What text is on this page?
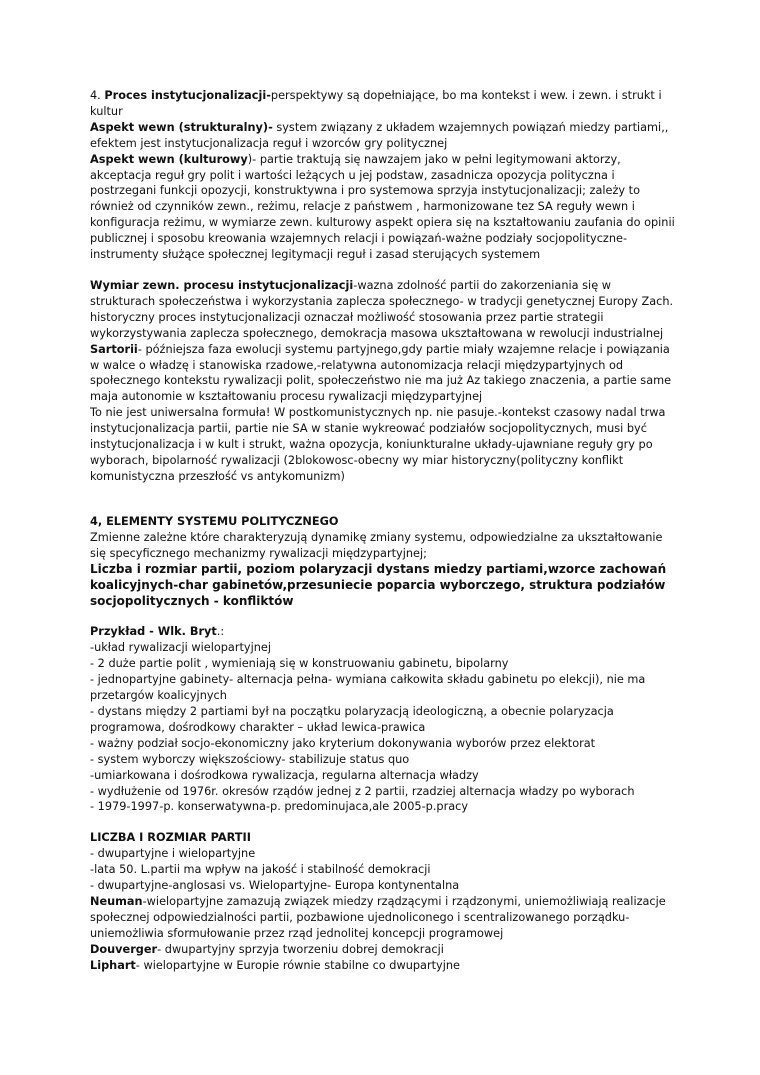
4. Proces instytucjonalizacji-perspektywy są dopełniające, bo ma kontekst i wew. i zewn. i strukt i kultur

Aspekt wewn (strukturalny)- system związany z układem wzajemnych powiązań miedzy partiami,, efektem jest instytucjonalizacja reguł i wzorców gry politycznej

Aspekt wewn (kulturowy)- partie traktują się nawzajem jako w pełni legitymowani aktorzy, akceptacja reguł gry polit i wartości leżących u jej podstaw, zasadnicza opozycja polityczna i postrzegani funkcji opozycji, konstruktywna i pro systemowa sprzyja instytucjonalizacji; zależy to również od czynników zewn., reżimu, relacje z państwem , harmonizowane tez SA reguły wewn i konfiguracja reżimu, w wymiarze zewn. kulturowy aspekt opiera się na kształtowaniu zaufania do opinii publicznej i sposobu kreowania wzajemnych relacji i powiązań-ważne podziały socjopolityczne-instrumenty służące społecznej legitymacji reguł i zasad sterujących systemem

Wymiar zewn. procesu instytucjonalizacji-wazna zdolność partii do zakorzeniania się w strukturach społeczeństwa i wykorzystania zaplecza społecznego- w tradycji genetycznej Europy Zach. historyczny proces instytucjonalizacji oznaczał możliwość stosowania przez partie strategii wykorzystywania zaplecza społecznego, demokracja masowa ukształtowana w rewolucji industrialnej

Sartorii- późniejsza faza ewolucji systemu partyjnego,gdy partie miały wzajemne relacje i powiązania w walce o władzę i stanowiska rzadowe,-relatywna autonomizacja relacji międzypartyjnych od społecznego kontekstu rywalizacji polit, społeczeństwo nie ma już Az takiego znaczenia, a partie same maja autonomie w kształtowaniu procesu rywalizacji międzypartyjnej

To nie jest uniwersalna formuła! W postkomunistycznych np. nie pasuje.-kontekst czasowy nadal trwa instytucjonalizacja partii, partie nie SA w stanie wykreować podziałów socjopolitycznych, musi być instytucjonalizacja i w kult i strukt, ważna opozycja, koniunkturalne układy-ujawniane reguły gry po wyborach, bipolarność rywalizacji (2blokowosc-obecny wy miar historyczny(polityczny konflikt komunistyczna przeszłość vs antykomunizm)

4, ELEMENTY SYSTEMU POLITYCZNEGO

Zmienne zależne które charakteryzują dynamikę zmiany systemu, odpowiedzialne za ukształtowanie się specyficznego mechanizmy rywalizacji międzypartyjnej;

Liczba i rozmiar partii, poziom polaryzacji dystans miedzy partiami,wzorce zachowań koalicyjnych-char gabinetów,przesuniecie poparcia wyborczego, struktura podziałów socjopolitycznych - konfliktów

Przykład - Wlk. Bryt.:

-układ rywalizacji wielopartyjnej

- 2 duże partie polit , wymieniają się w konstruowaniu gabinetu, bipolarny

- jednopartyjne gabinety- alternacja pełna- wymiana całkowita składu gabinetu po elekcji), nie ma przetargów koalicyjnych

- dystans między 2 partiami był na początku polaryzacją ideologiczną, a obecnie polaryzacja programowa, dośrodkowy charakter – układ lewica-prawica

- ważny podział socjo-ekonomiczny jako kryterium dokonywania wyborów przez elektorat

- system wyborczy większościowy- stabilizuje status quo

-umiarkowana i dośrodkowa rywalizacja, regularna alternacja władzy

- wydłużenie od 1976r. okresów rządów jednej z 2 partii, rzadziej alternacja władzy po wyborach

- 1979-1997-p. konserwatywna-p. predominujaca,ale 2005-p.pracy

LICZBA I ROZMIAR PARTII

- dwupartyjne i wielopartyjne

-lata 50. L.partii ma wpływ na jakość i stabilność demokracji

- dwupartyjne-anglosasi vs. Wielopartyjne- Europa kontynentalna

Neuman-wielopartyjne zamazują związek miedzy rządzącymi i rządzonymi, uniemożliwiają realizacje społecznej odpowiedzialności partii, pozbawione ujednoliconego i scentralizowanego porządku- uniemożliwia sformułowanie przez rząd jednolitej koncepcji programowej

Douverger- dwupartyjny sprzyja tworzeniu dobrej demokracji

Liphart- wielopartyjne w Europie równie stabilne co dwupartyjne
